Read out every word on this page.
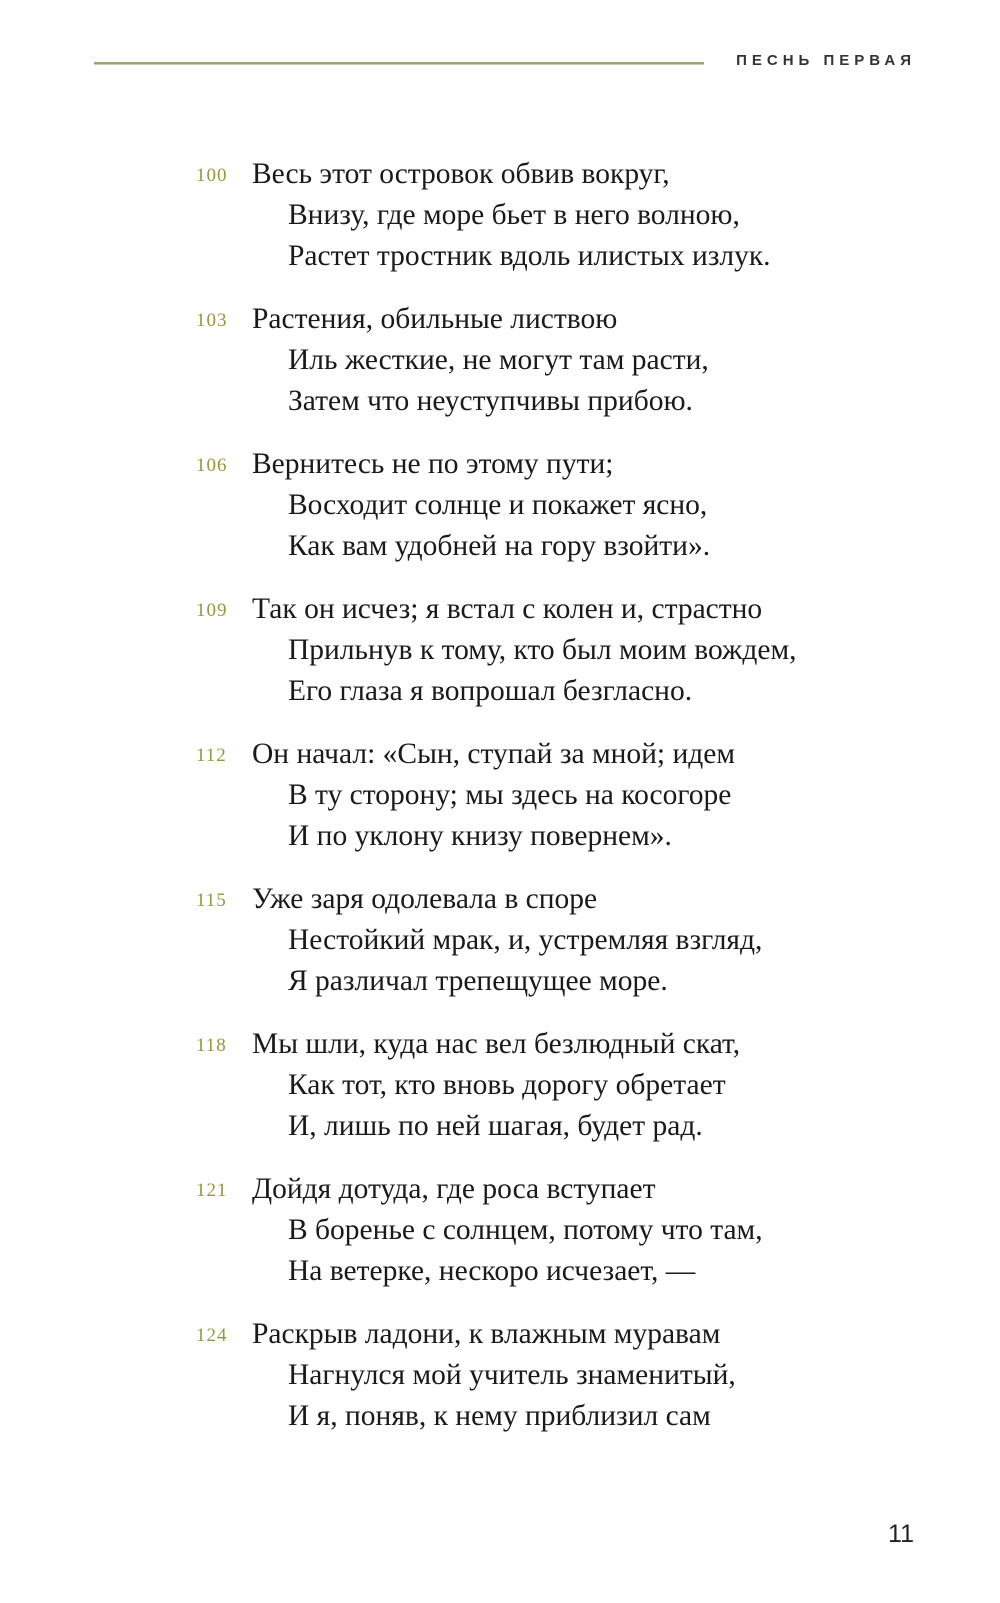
ПЕСНЬ ПЕРВАЯ
100 Весь этот островок обвив вокруг,

Внизу, где море бьет в него волною,

Растет тростник вдоль илистых излук.

103 Растения, обильные листвою

Иль жесткие, не могут там расти,

Затем что неуступчивы прибою.

106 Вернитесь не по этому пути;

Восходит солнце и покажет ясно,

Как вам удобней на гору взойти».

109 Так он исчез; я встал с колен и, страстно

Прильнув к тому, кто был моим вождем,

Его глаза я вопрошал безгласно.

112 Он начал: «Сын, ступай за мной; идем

В ту сторону; мы здесь на косогоре

И по уклону книзу повернем».

115 Уже заря одолевала в споре

Нестойкий мрак, и, устремляя взгляд,

Я различал трепещущее море.

118 Мы шли, куда нас вел безлюдный скат,

Как тот, кто вновь дорогу обретает

И, лишь по ней шагая, будет рад.

121 Дойдя дотуда, где роса вступает

В боренье с солнцем, потому что там,

На ветерке, нескоро исчезает, —

124 Раскрыв ладони, к влажным муравам

Нагнулся мой учитель знаменитый,

И я, поняв, к нему приблизил сам

11
